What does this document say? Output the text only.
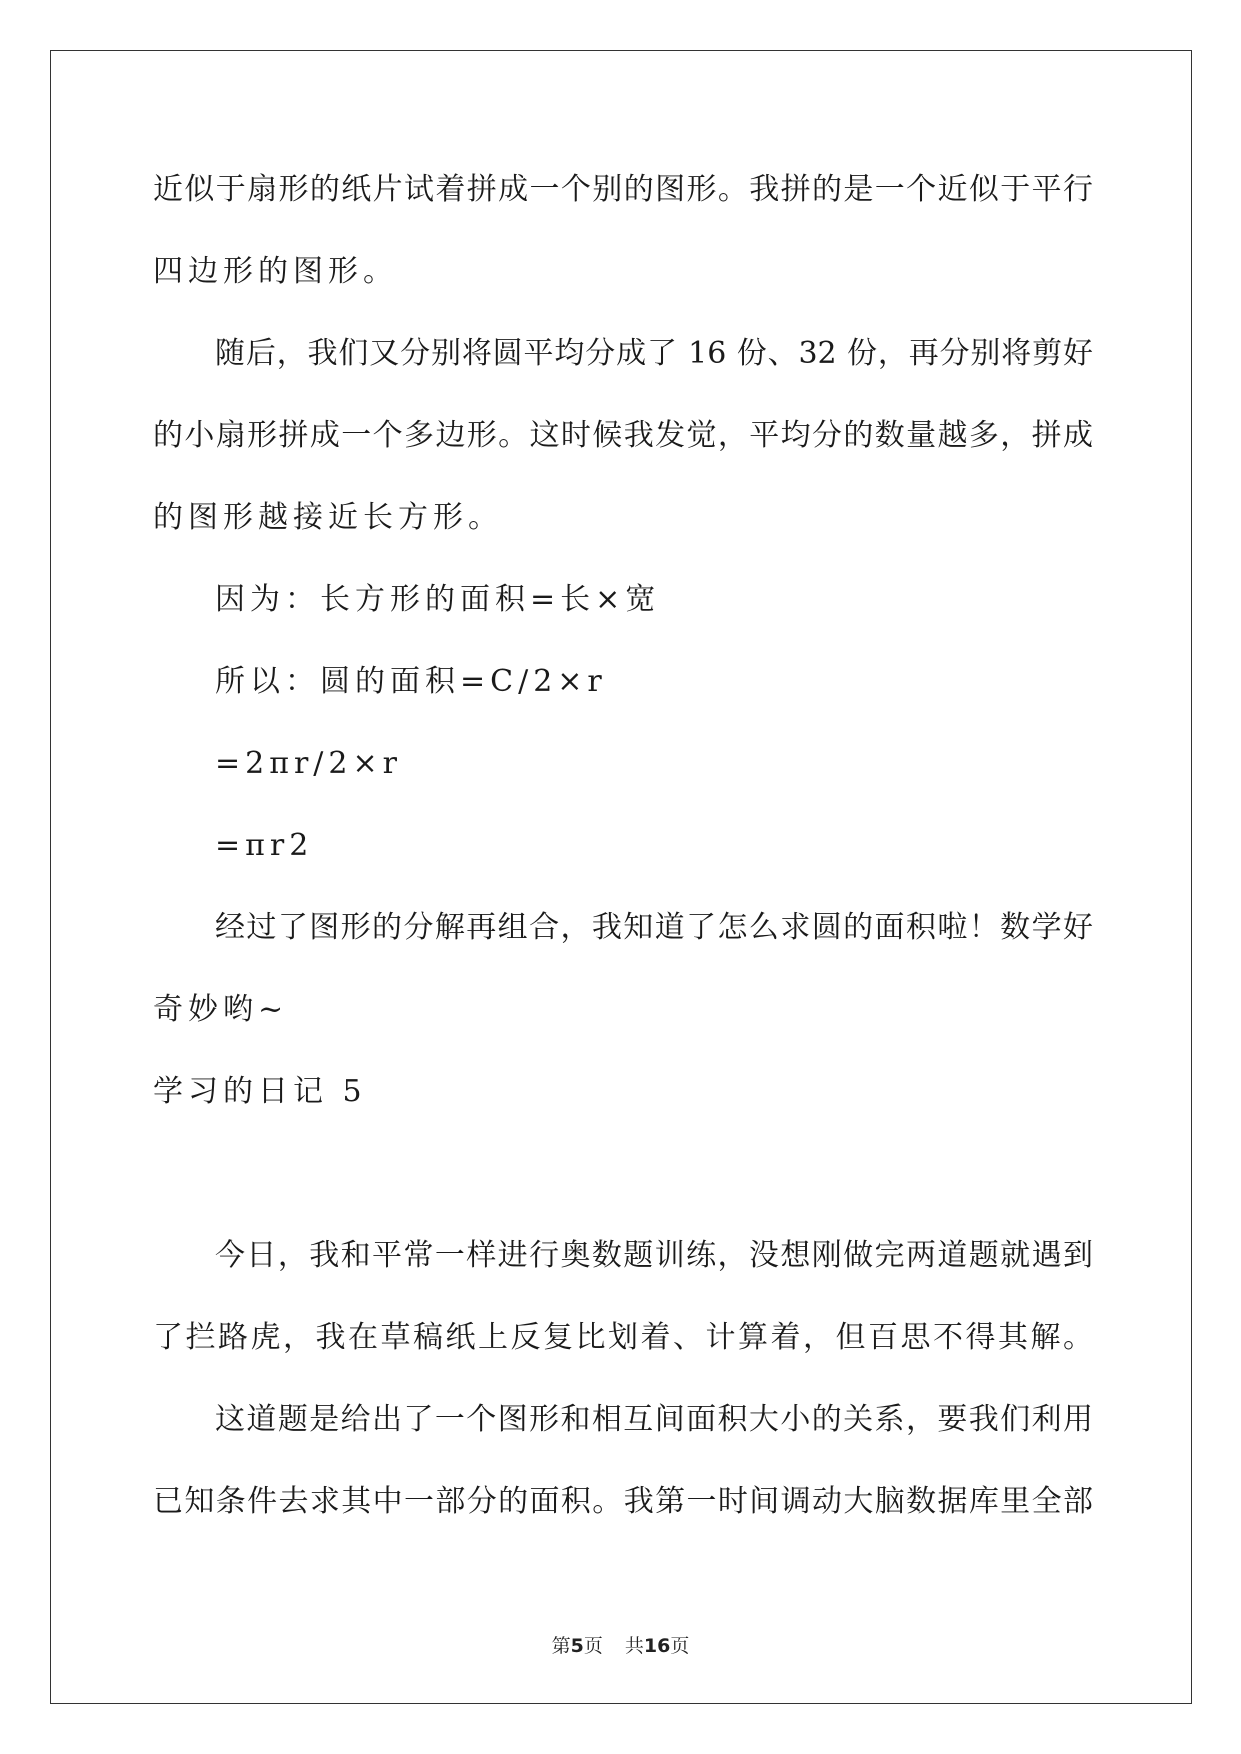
近似于扇形的纸片试着拼成一个别的图形。我拼的是一个近似于平行
四边形的图形。
随后，我们又分别将圆平均分成了 16 份、32 份，再分别将剪好
的小扇形拼成一个多边形。这时候我发觉，平均分的数量越多，拼成
的图形越接近长方形。
因为：长方形的面积=长×宽
所以：圆的面积=C/2×r
=2πr/2×r
=πr2
经过了图形的分解再组合，我知道了怎么求圆的面积啦！数学好
奇妙哟~
学习的日记 5
今日，我和平常一样进行奥数题训练，没想刚做完两道题就遇到
了拦路虎，我在草稿纸上反复比划着、计算着，但百思不得其解。
这道题是给出了一个图形和相互间面积大小的关系，要我们利用
已知条件去求其中一部分的面积。我第一时间调动大脑数据库里全部
第5页 共16页
